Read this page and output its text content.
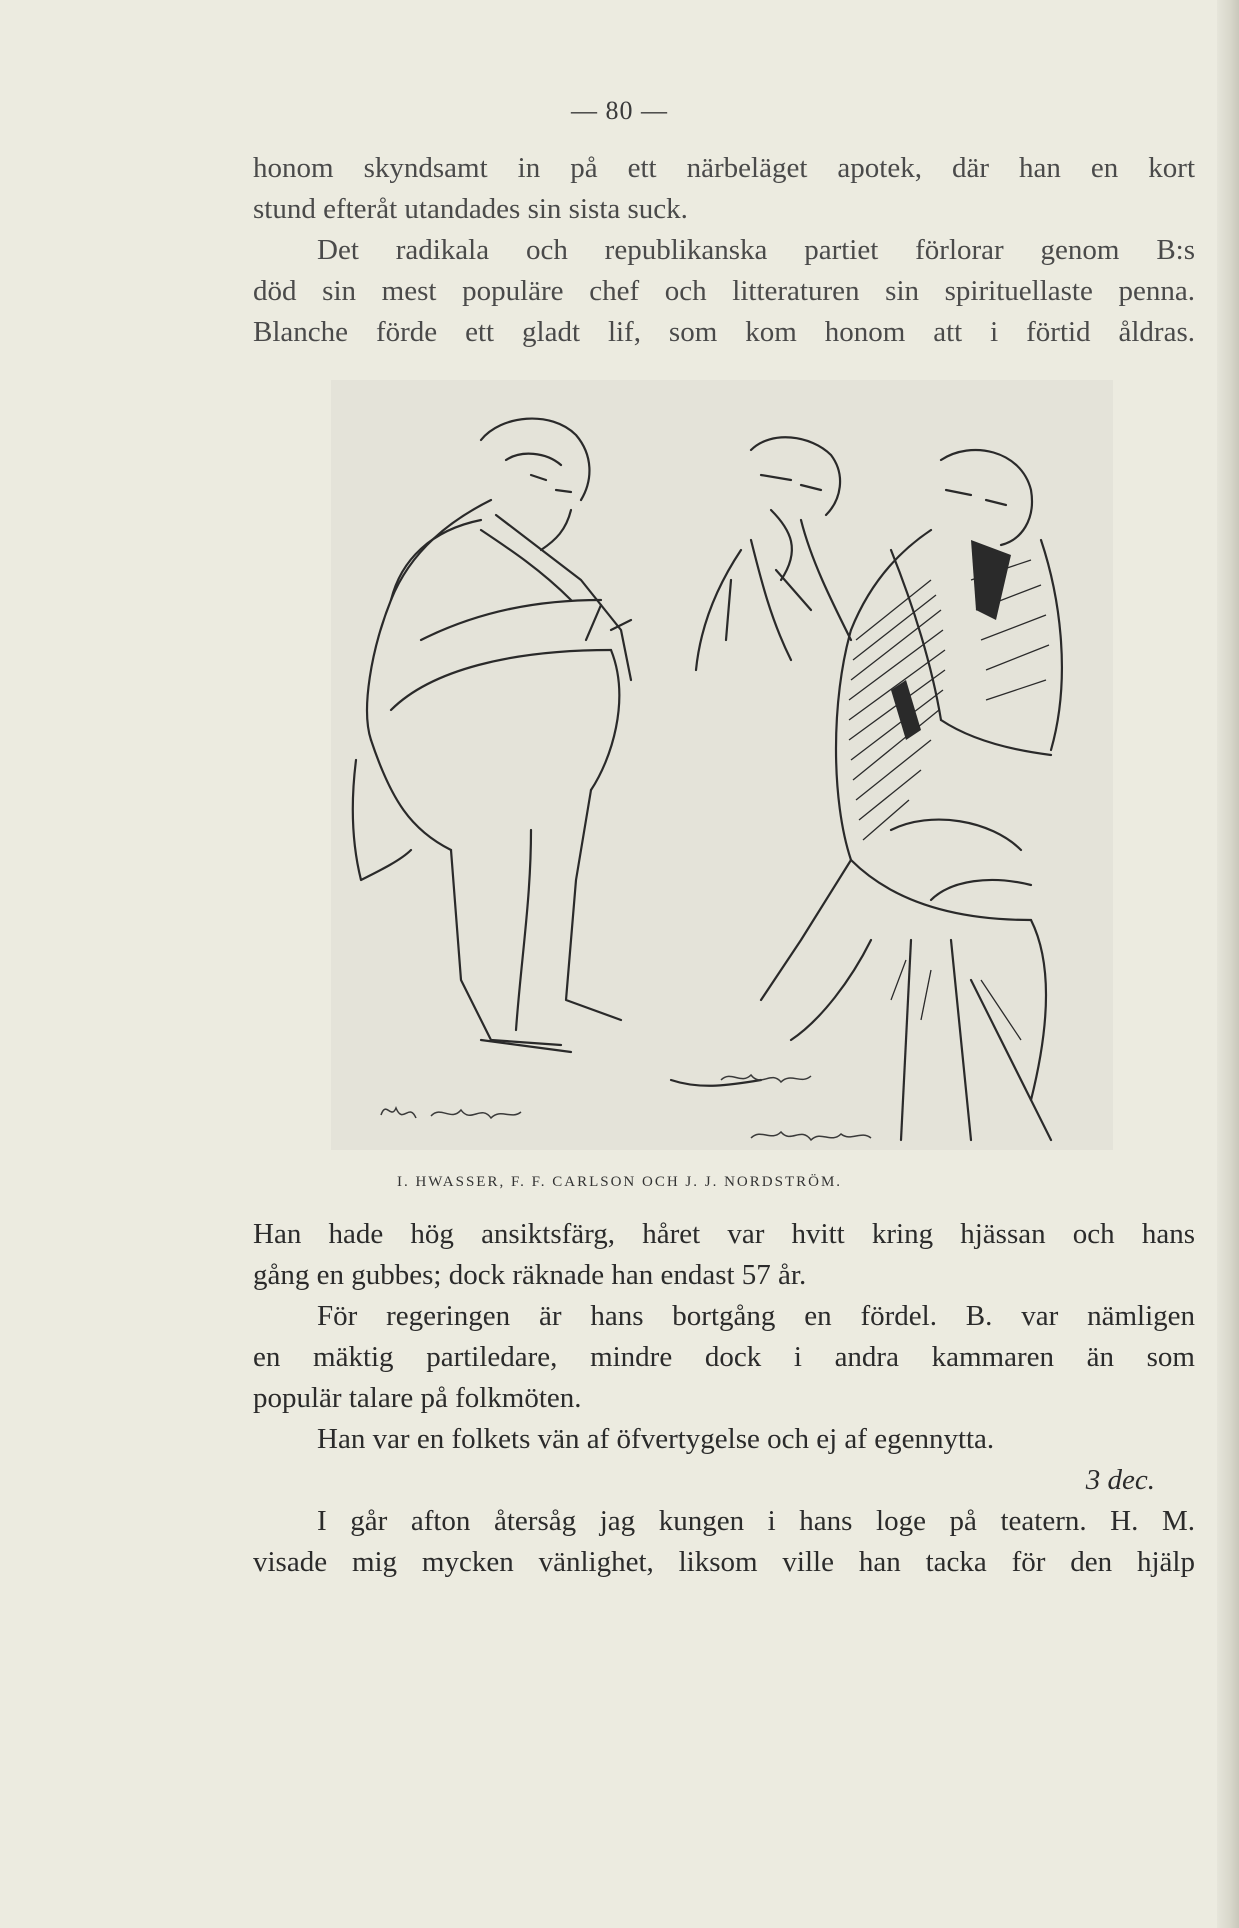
— 80 —

honom skyndsamt in på ett närbeläget apotek, där han en kort

stund efteråt utandades sin sista suck.

Det radikala och republikanska partiet förlorar genom B:s

död sin mest populäre chef och litteraturen sin spirituellaste penna.

Blanche förde ett gladt lif, som kom honom att i förtid åldras.

I. HWASSER, F. F. CARLSON OCH J. J. NORDSTRÖM.

Han hade hög ansiktsfärg, håret var hvitt kring hjässan och hans

gång en gubbes; dock räknade han endast 57 år.

För regeringen är hans bortgång en fördel. B. var nämligen

en mäktig partiledare, mindre dock i andra kammaren än som

populär talare på folkmöten.

Han var en folkets vän af öfvertygelse och ej af egennytta.

3 dec.

I går afton återsåg jag kungen i hans loge på teatern. H. M.

visade mig mycken vänlighet, liksom ville han tacka för den hjälp
